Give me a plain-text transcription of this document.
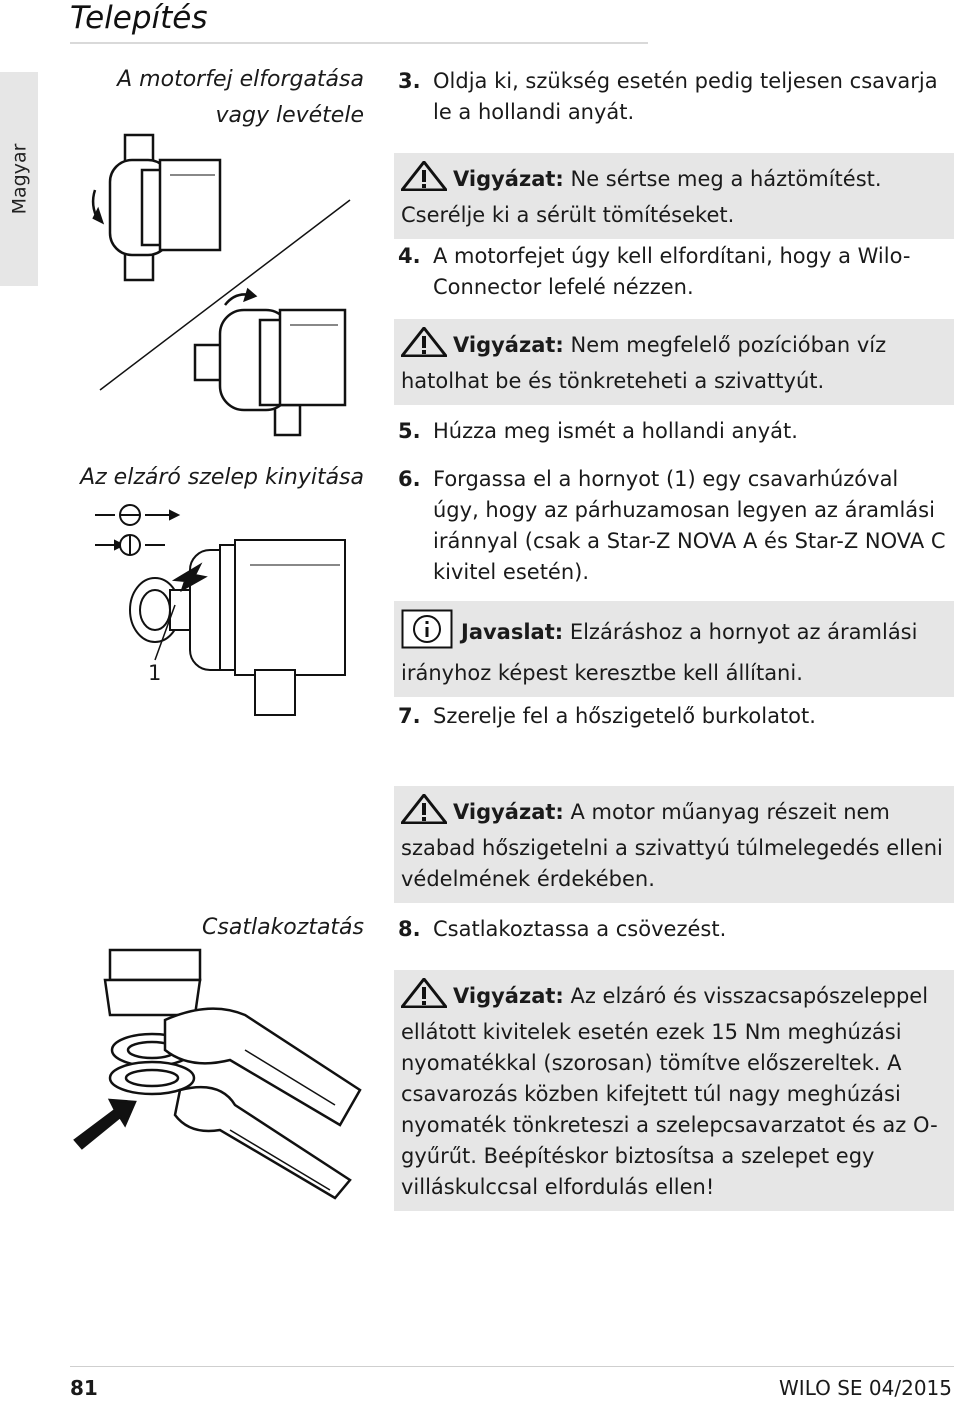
Telepítés
Magyar
A motorfej elforgatása vagy levétele
Az elzáró szelep kinyitása
Csatlakoztatás
3. Oldja ki, szükség esetén pedig teljesen csavarja le a hollandi anyát.
Vigyázat: Ne sértse meg a háztömítést. Cserélje ki a sérült tömítéseket.
4. A motorfejet úgy kell elfordítani, hogy a Wilo-Connector lefelé nézzen.
Vigyázat: Nem megfelelő pozícióban víz hatolhat be és tönkreteheti a szivattyút.
5. Húzza meg ismét a hollandi anyát.
6. Forgassa el a hornyot (1) egy csavarhúzóval úgy, hogy az párhuzamosan legyen az áramlási iránnyal (csak a Star-Z NOVA A és Star-Z NOVA C kivitel esetén).
Javaslat: Elzáráshoz a hornyot az áramlási irányhoz képest keresztbe kell állítani.
7. Szerelje fel a hőszigetelő burkolatot.
Vigyázat: A motor műanyag részeit nem szabad hőszigetelni a szivattyú túlmelegedés elleni védelmének érdekében.
8. Csatlakoztassa a csövezést.
Vigyázat: Az elzáró és visszacsapószeleppel ellátott kivitelek esetén ezek 15 Nm meghúzási nyomatékkal (szorosan) tömítve előszereltek. A csavarozás közben kifejtett túl nagy meghúzási nyomaték tönkreteszi a szelepcsavarzatot és az O-gyűrűt. Beépítéskor biztosítsa a szelepet egy villáskulccsal elfordulás ellen!
1
81	WILO SE 04/2015
